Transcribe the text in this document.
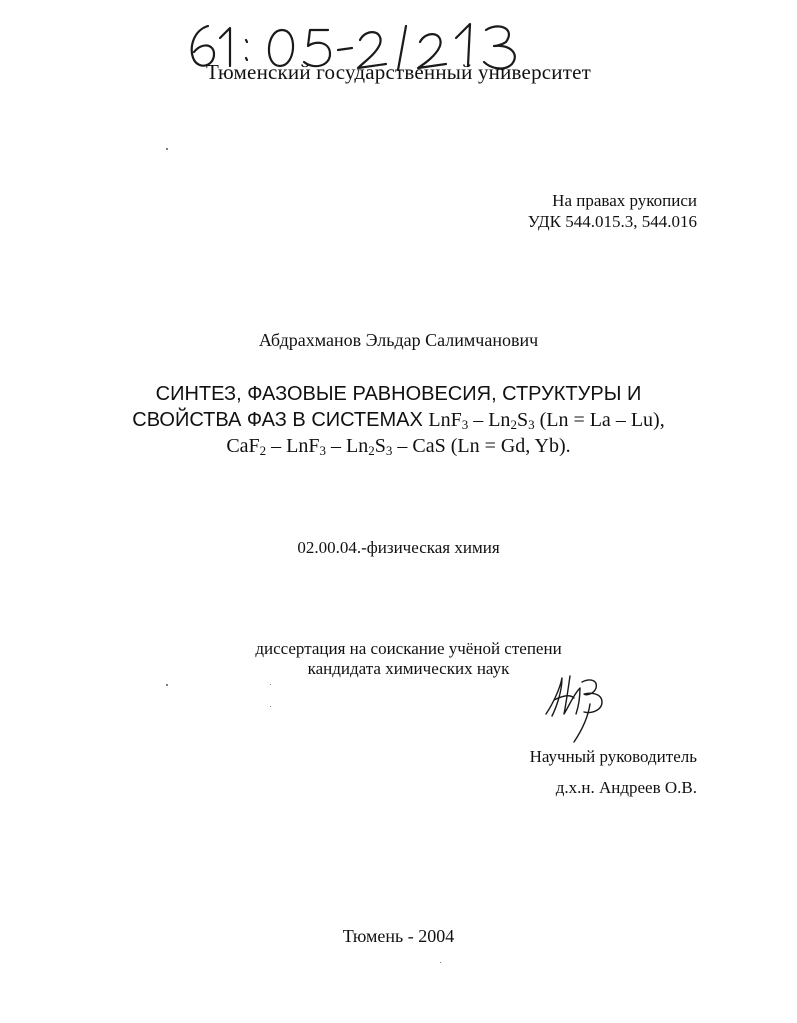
Тюменский государственный университет
На правах рукописи
УДК 544.015.3, 544.016
Абдрахманов Эльдар Салимчанович
СИНТЕЗ, ФАЗОВЫЕ РАВНОВЕСИЯ, СТРУКТУРЫ И
СВОЙСТВА ФАЗ В СИСТЕМАХ $LnF_3 - Ln_2S_3$ (Ln = La – Lu),
$CaF_2 - LnF_3 - Ln_2S_3$ – CaS (Ln = Gd, Yb).
02.00.04.-физическая химия
диссертация на соискание учёной степени
кандидата химических наук
Научный руководитель
д.х.н. Андреев О.В.
Тюмень - 2004
